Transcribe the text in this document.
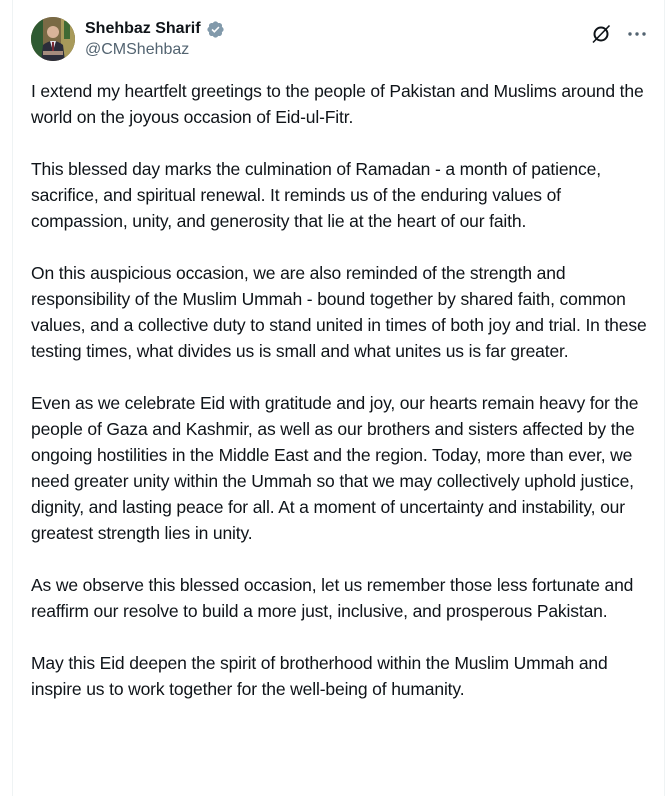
Shehbaz Sharif
@CMShehbaz

I extend my heartfelt greetings to the people of Pakistan and Muslims around the world on the joyous occasion of Eid-ul-Fitr.

This blessed day marks the culmination of Ramadan - a month of patience, sacrifice, and spiritual renewal. It reminds us of the enduring values of compassion, unity, and generosity that lie at the heart of our faith.

On this auspicious occasion, we are also reminded of the strength and responsibility of the Muslim Ummah - bound together by shared faith, common values, and a collective duty to stand united in times of both joy and trial. In these testing times, what divides us is small and what unites us is far greater.

Even as we celebrate Eid with gratitude and joy, our hearts remain heavy for the people of Gaza and Kashmir, as well as our brothers and sisters affected by the ongoing hostilities in the Middle East and the region. Today, more than ever, we need greater unity within the Ummah so that we may collectively uphold justice, dignity, and lasting peace for all. At a moment of uncertainty and instability, our greatest strength lies in unity.

As we observe this blessed occasion, let us remember those less fortunate and reaffirm our resolve to build a more just, inclusive, and prosperous Pakistan.

May this Eid deepen the spirit of brotherhood within the Muslim Ummah and inspire us to work together for the well-being of humanity.
